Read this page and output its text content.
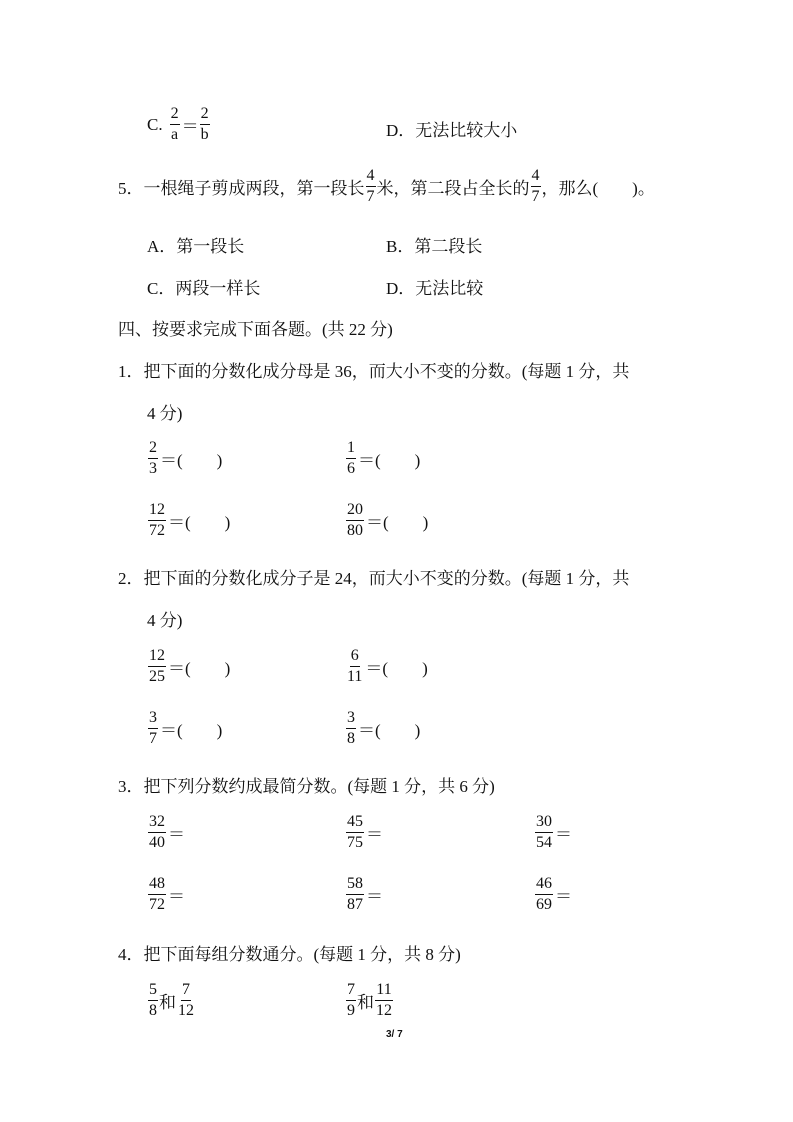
C. $\frac{2}{a} = \frac{2}{b}$	D．无法比较大小
5．一根绳子剪成两段，第一段长 $\frac{4}{7}$ 米，第二段占全长的 $\frac{4}{7}$ ，那么(　　)。
A．第一段长	B．第二段长
C．两段一样长	D．无法比较
四、按要求完成下面各题。(共 22 分)
1．把下面的分数化成分母是 36，而大小不变的分数。(每题 1 分，共
4 分)
$\frac{2}{3}$ ＝(　　)	$\frac{1}{6}$ ＝(　　)
$\frac{12}{72}$ ＝(　　)	$\frac{20}{80}$ ＝(　　)
2．把下面的分数化成分子是 24，而大小不变的分数。(每题 1 分，共
4 分)
$\frac{12}{25}$ ＝(　　)	$\frac{6}{11}$ ＝(　　)
$\frac{3}{7}$ ＝(　　)	$\frac{3}{8}$ ＝(　　)
3．把下列分数约成最简分数。(每题 1 分，共 6 分)
$\frac{32}{40}$ ＝	$\frac{45}{75}$ ＝	$\frac{30}{54}$ ＝
$\frac{48}{72}$ ＝	$\frac{58}{87}$ ＝	$\frac{46}{69}$ ＝
4．把下面每组分数通分。(每题 1 分，共 8 分)
$\frac{5}{8}$ 和 $\frac{7}{12}$	$\frac{7}{9}$ 和 $\frac{11}{12}$
3/ 7
